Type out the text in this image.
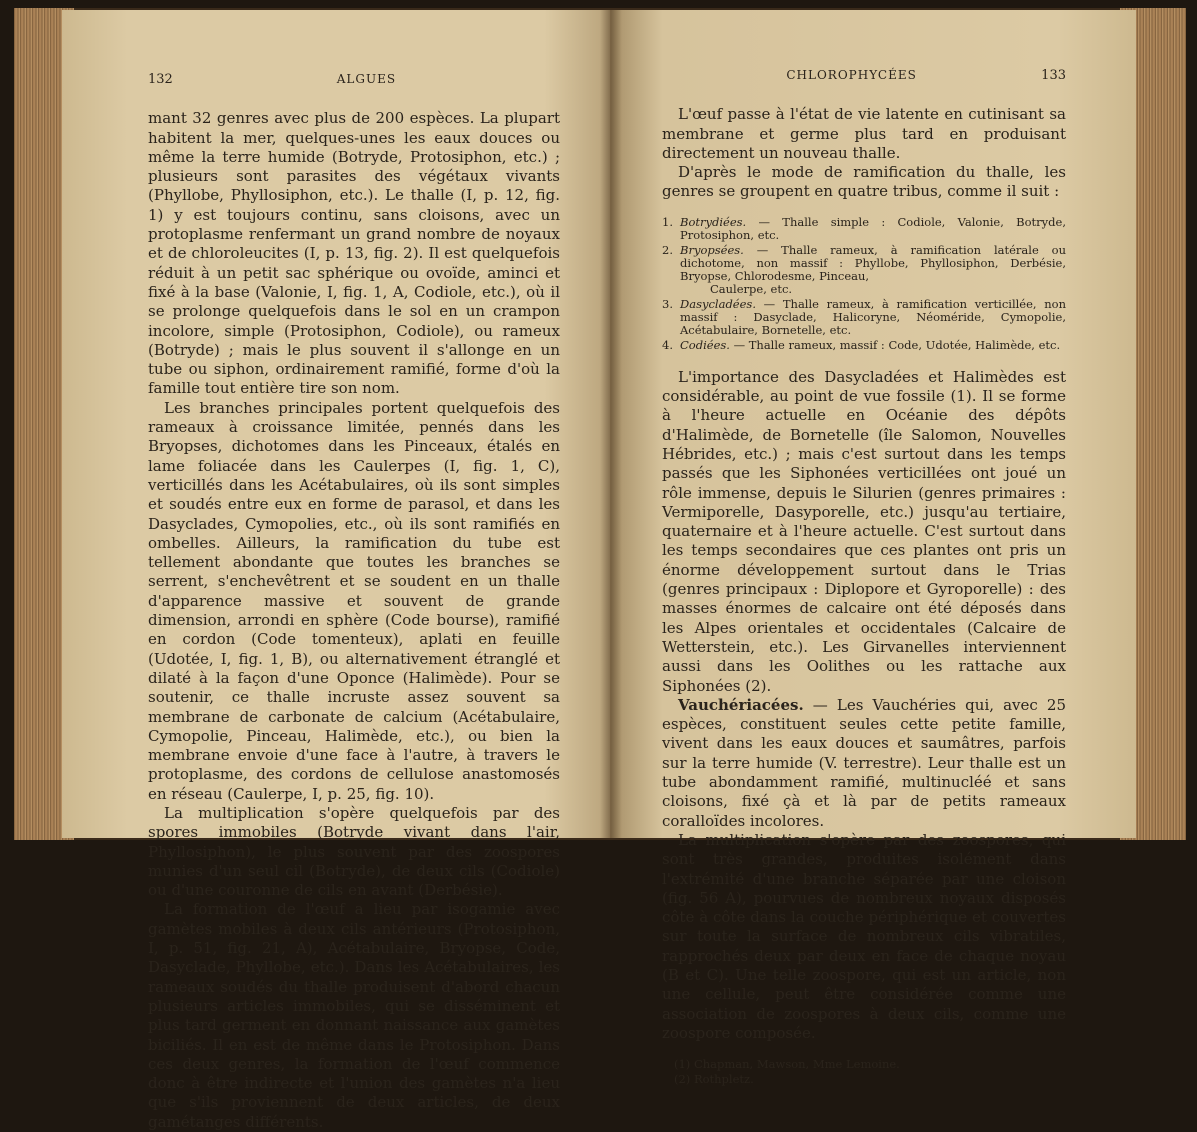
132	ALGUES

mant 32 genres avec plus de 200 espèces. La plupart habitent la mer, quelques-unes les eaux douces ou même la terre humide (Botryde, Protosiphon, etc.) ; plusieurs sont parasites des végétaux vivants (Phyllobe, Phyllosiphon, etc.). Le thalle (I, p. 12, fig. 1) y est toujours continu, sans cloisons, avec un protoplasme renfermant un grand nombre de noyaux et de chloroleucites (I, p. 13, fig. 2). Il est quelquefois réduit à un petit sac sphérique ou ovoïde, aminci et fixé à la base (Valonie, I, fig. 1, A, Codiole, etc.), où il se prolonge quelquefois dans le sol en un crampon incolore, simple (Protosiphon, Codiole), ou rameux (Botryde) ; mais le plus souvent il s'allonge en un tube ou siphon, ordinairement ramifié, forme d'où la famille tout entière tire son nom.

Les branches principales portent quelquefois des rameaux à croissance limitée, pennés dans les Bryopses, dichotomes dans les Pinceaux, étalés en lame foliacée dans les Caulerpes (I, fig. 1, C), verticillés dans les Acétabulaires, où ils sont simples et soudés entre eux en forme de parasol, et dans les Dasyclades, Cymopolies, etc., où ils sont ramifiés en ombelles. Ailleurs, la ramification du tube est tellement abondante que toutes les branches se serrent, s'enchevêtrent et se soudent en un thalle d'apparence massive et souvent de grande dimension, arrondi en sphère (Code bourse), ramifié en cordon (Code tomenteux), aplati en feuille (Udotée, I, fig. 1, B), ou alternativement étranglé et dilaté à la façon d'une Oponce (Halimède). Pour se soutenir, ce thalle incruste assez souvent sa membrane de carbonate de calcium (Acétabulaire, Cymopolie, Pinceau, Halimède, etc.), ou bien la membrane envoie d'une face à l'autre, à travers le protoplasme, des cordons de cellulose anastomosés en réseau (Caulerpe, I, p. 25, fig. 10).

La multiplication s'opère quelquefois par des spores immobiles (Botryde vivant dans l'air, Phyllosiphon), le plus souvent par des zoospores munies d'un seul cil (Botryde), de deux cils (Codiole) ou d'une couronne de cils en avant (Derbésie).

La formation de l'œuf a lieu par isogamie avec gamètes mobiles à deux cils antérieurs (Protosiphon, I, p. 51, fig. 21, A), Acétabulaire, Bryopse, Code, Dasyclade, Phyllobe, etc.). Dans les Acétabulaires, les rameaux soudés du thalle produisent d'abord chacun plusieurs articles immobiles, qui se disséminent et plus tard germent en donnant naissance aux gamètes biciliés. Il en est de même dans le Protosiphon. Dans ces deux genres, la formation de l'œuf commence donc à être indirecte et l'union des gamètes n'a lieu que s'ils proviennent de deux articles, de deux gamétanges différents.

CHLOROPHYCÉES	133

L'œuf passe à l'état de vie latente en cutinisant sa membrane et germe plus tard en produisant directement un nouveau thalle.

D'après le mode de ramification du thalle, les genres se groupent en quatre tribus, comme il suit :

1. Botrydiées. — Thalle simple : Codiole, Valonie, Botryde, Protosiphon, etc.
2. Bryopsées. — Thalle rameux, à ramification latérale ou dichotome, non massif : Phyllobe, Phyllosiphon, Derbésie, Bryopse, Chlorodesme, Pinceau,
Caulerpe, etc.
3. Dasycladées. — Thalle rameux, à ramification verticillée, non massif : Dasyclade, Halicoryne, Néoméride, Cymopolie, Acétabulaire, Bornetelle, etc.
4. Codiées. — Thalle rameux, massif : Code, Udotée, Halimède, etc.

L'importance des Dasycladées et Halimèdes est considérable, au point de vue fossile (1). Il se forme à l'heure actuelle en Océanie des dépôts d'Halimède, de Bornetelle (île Salomon, Nouvelles Hébrides, etc.) ; mais c'est surtout dans les temps passés que les Siphonées verticillées ont joué un rôle immense, depuis le Silurien (genres primaires : Vermiporelle, Dasyporelle, etc.) jusqu'au tertiaire, quaternaire et à l'heure actuelle. C'est surtout dans les temps secondaires que ces plantes ont pris un énorme développement surtout dans le Trias (genres principaux : Diplopore et Gyroporelle) : des masses énormes de calcaire ont été déposés dans les Alpes orientales et occidentales (Calcaire de Wetterstein, etc.). Les Girvanelles interviennent aussi dans les Oolithes ou les rattache aux Siphonées (2).

Vauchériacées. — Les Vauchéries qui, avec 25 espèces, constituent seules cette petite famille, vivent dans les eaux douces et saumâtres, parfois sur la terre humide (V. terrestre). Leur thalle est un tube abondamment ramifié, multinucléé et sans cloisons, fixé çà et là par de petits rameaux coralloïdes incolores.

La multiplication s'opère par des zoospores, qui sont très grandes, produites isolément dans l'extrémité d'une branche séparée par une cloison (fig. 56 A), pourvues de nombreux noyaux disposés côte à côte dans la couche périphérique et couvertes sur toute la surface de nombreux cils vibratiles, rapprochés deux par deux en face de chaque noyau (B et C). Une telle zoospore, qui est un article, non une cellule, peut être considérée comme une association de zoospores à deux cils, comme une zoospore composée.

(1) Chapman, Mawson, Mme Lemoine.
(2) Rothpletz.
